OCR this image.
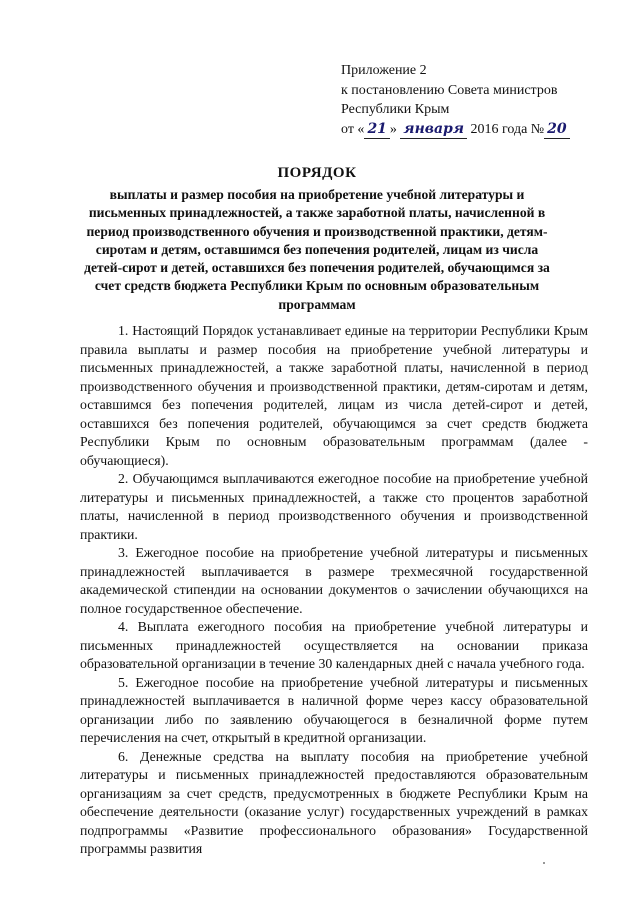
Приложение 2
к постановлению Совета министров
Республики Крым
от « 21 » января 2016 года № 20
ПОРЯДОК
выплаты и размер пособия на приобретение учебной литературы и письменных принадлежностей, а также заработной платы, начисленной в период производственного обучения и производственной практики, детям-сиротам и детям, оставшимся без попечения родителей, лицам из числа детей-сирот и детей, оставшихся без попечения родителей, обучающимся за счет средств бюджета Республики Крым по основным образовательным программам

1. Настоящий Порядок устанавливает единые на территории Республики Крым правила выплаты и размер пособия на приобретение учебной литературы и письменных принадлежностей, а также заработной платы, начисленной в период производственного обучения и производственной практики, детям-сиротам и детям, оставшимся без попечения родителей, лицам из числа детей-сирот и детей, оставшихся без попечения родителей, обучающимся за счет средств бюджета Республики Крым по основным образовательным программам (далее - обучающиеся).

2. Обучающимся выплачиваются ежегодное пособие на приобретение учебной литературы и письменных принадлежностей, а также сто процентов заработной платы, начисленной в период производственного обучения и производственной практики.

3. Ежегодное пособие на приобретение учебной литературы и письменных принадлежностей выплачивается в размере трехмесячной государственной академической стипендии на основании документов о зачислении обучающихся на полное государственное обеспечение.

4. Выплата ежегодного пособия на приобретение учебной литературы и письменных принадлежностей осуществляется на основании приказа образовательной организации в течение 30 календарных дней с начала учебного года.

5. Ежегодное пособие на приобретение учебной литературы и письменных принадлежностей выплачивается в наличной форме через кассу образовательной организации либо по заявлению обучающегося в безналичной форме путем перечисления на счет, открытый в кредитной организации.

6. Денежные средства на выплату пособия на приобретение учебной литературы и письменных принадлежностей предоставляются образовательным организациям за счет средств, предусмотренных в бюджете Республики Крым на обеспечение деятельности (оказание услуг) государственных учреждений в рамках подпрограммы «Развитие профессионального образования» Государственной программы развития
